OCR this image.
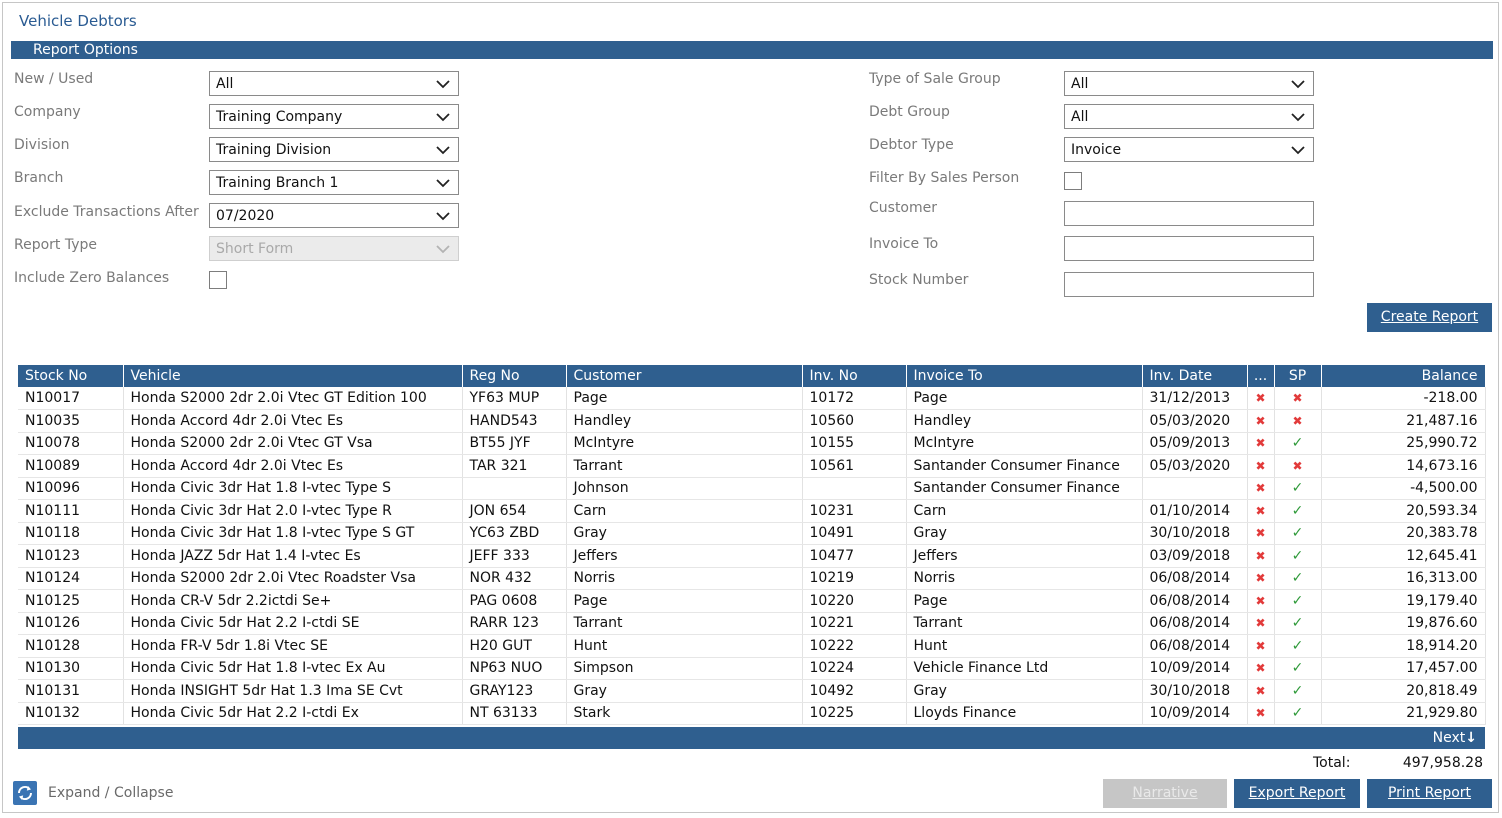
Vehicle Debtors
Report Options
New / Used	All
Company	Training Company
Division	Training Division
Branch	Training Branch 1
Exclude Transactions After	07/2020
Report Type	Short Form
Include Zero Balances
Type of Sale Group	All
Debt Group	All
Debtor Type	Invoice
Filter By Sales Person
Customer
Invoice To
Stock Number
Create Report
Stock No	Vehicle	Reg No	Customer	Inv. No	Invoice To	Inv. Date	...	SP	Balance
N10017	Honda S2000 2dr 2.0i Vtec GT Edition 100	YF63 MUP	Page	10172	Page	31/12/2013	✖	✖	-218.00
N10035	Honda Accord 4dr 2.0i Vtec Es	HAND543	Handley	10560	Handley	05/03/2020	✖	✖	21,487.16
N10078	Honda S2000 2dr 2.0i Vtec GT Vsa	BT55 JYF	McIntyre	10155	McIntyre	05/09/2013	✖	✓	25,990.72
N10089	Honda Accord 4dr 2.0i Vtec Es	TAR 321	Tarrant	10561	Santander Consumer Finance	05/03/2020	✖	✖	14,673.16
N10096	Honda Civic 3dr Hat 1.8 I-vtec Type S		Johnson		Santander Consumer Finance		✖	✓	-4,500.00
N10111	Honda Civic 3dr Hat 2.0 I-vtec Type R	JON 654	Carn	10231	Carn	01/10/2014	✖	✓	20,593.34
N10118	Honda Civic 3dr Hat 1.8 I-vtec Type S GT	YC63 ZBD	Gray	10491	Gray	30/10/2018	✖	✓	20,383.78
N10123	Honda JAZZ 5dr Hat 1.4 I-vtec Es	JEFF 333	Jeffers	10477	Jeffers	03/09/2018	✖	✓	12,645.41
N10124	Honda S2000 2dr 2.0i Vtec Roadster Vsa	NOR 432	Norris	10219	Norris	06/08/2014	✖	✓	16,313.00
N10125	Honda CR-V 5dr 2.2ictdi Se+	PAG 0608	Page	10220	Page	06/08/2014	✖	✓	19,179.40
N10126	Honda Civic 5dr Hat 2.2 I-ctdi SE	RARR 123	Tarrant	10221	Tarrant	06/08/2014	✖	✓	19,876.60
N10128	Honda FR-V 5dr 1.8i Vtec SE	H20 GUT	Hunt	10222	Hunt	06/08/2014	✖	✓	18,914.20
N10130	Honda Civic 5dr Hat 1.8 I-vtec Ex Au	NP63 NUO	Simpson	10224	Vehicle Finance Ltd	10/09/2014	✖	✓	17,457.00
N10131	Honda INSIGHT 5dr Hat 1.3 Ima SE Cvt	GRAY123	Gray	10492	Gray	30/10/2018	✖	✓	20,818.49
N10132	Honda Civic 5dr Hat 2.2 I-ctdi Ex	NT 63133	Stark	10225	Lloyds Finance	10/09/2014	✖	✓	21,929.80
Next↓
Total:	497,958.28
Expand / Collapse	Narrative	Export Report	Print Report
